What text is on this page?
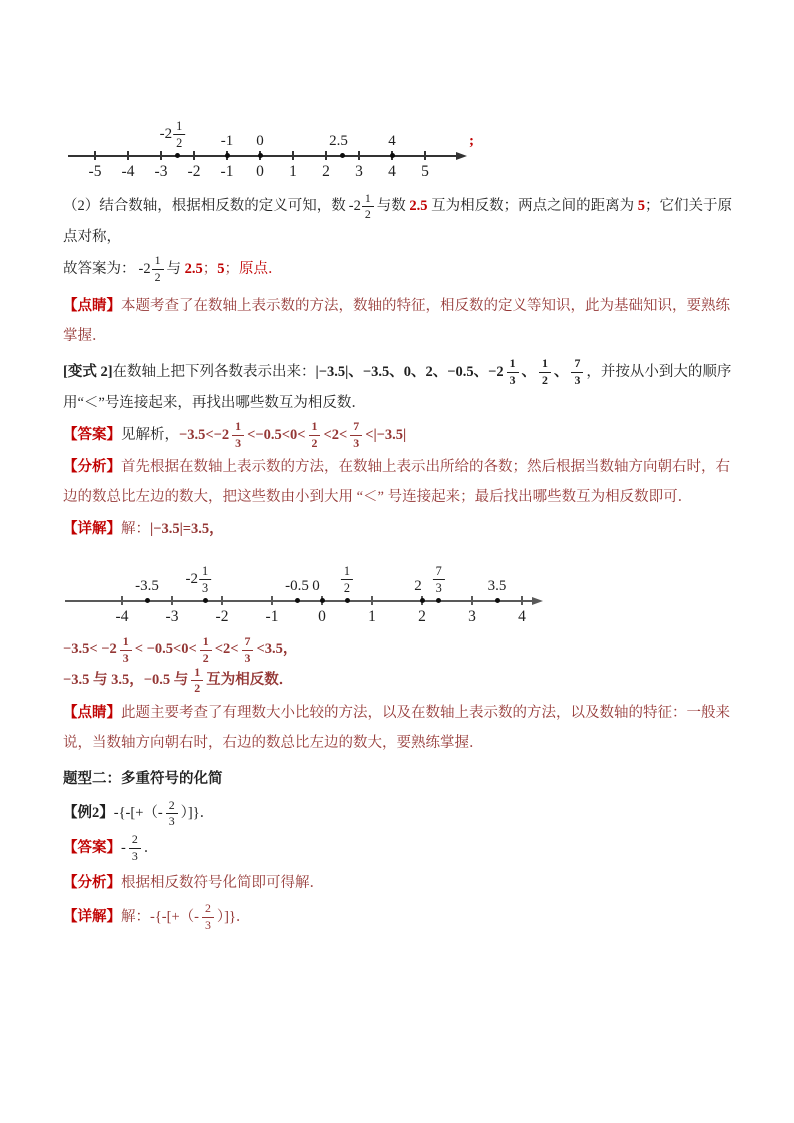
-5 -4 -3 -2 -1 0 1 2 3 4 5
$-2 \frac{1}{2} -1$ 0	2.5	4	;

（2）结合数轴，根据相反数的定义可知，数 $-2 \frac{1}{2}$ 与数 2.5 互为相反数；两点之间的距离为 5；它们关于原点对称，

故答案为： $-2 \frac{1}{2}$ 与 2.5；5；原点．

【点睛】本题考查了在数轴上表示数的方法，数轴的特征，相反数的定义等知识，此为基础知识，要熟练掌握．

[变式 2]在数轴上把下列各数表示出来：|−3.5|、−3.5、0、2、−0.5、$-2 \frac{1}{3}$ 、 $\frac{1}{2}$ 、 $\frac{7}{3}$ ，并按从小到大的顺序用“＜”号连接起来，再找出哪些数互为相反数．

【答案】见解析，$-3.5<-2 \frac{1}{3} <-0.5<0< \frac{1}{2} <2< \frac{7}{3} <|-3.5|$

【分析】首先根据在数轴上表示数的方法，在数轴上表示出所给的各数；然后根据当数轴方向朝右时，右边的数总比左边的数大，把这些数由小到大用 “＜” 号连接起来；最后找出哪些数互为相反数即可．

【详解】解：|−3.5|=3.5，

-4 -3 -2 -1	0	1	2	3	4
-3.5 $-2 \frac{1}{3}$	-0.5 $0 \frac{1}{2}$	$2 \frac{7}{3}$	3.5

$-3.5< -2 \frac{1}{3} < -0.5<0< \frac{1}{2} <2< \frac{7}{3} <3.5$，

−3.5 与 3.5，−0.5 与 $\frac{1}{2}$ 互为相反数．

【点睛】此题主要考查了有理数大小比较的方法，以及在数轴上表示数的方法，以及数轴的特征：一般来说，当数轴方向朝右时，右边的数总比左边的数大，要熟练掌握．

题型二：多重符号的化简

【例2】-{-[+（- $\frac{2}{3}$ ）]}．

【答案】- $\frac{2}{3}$ ．

【分析】根据相反数符号化简即可得解．

【详解】解：-{-[+（- $\frac{2}{3}$ ）]}．
